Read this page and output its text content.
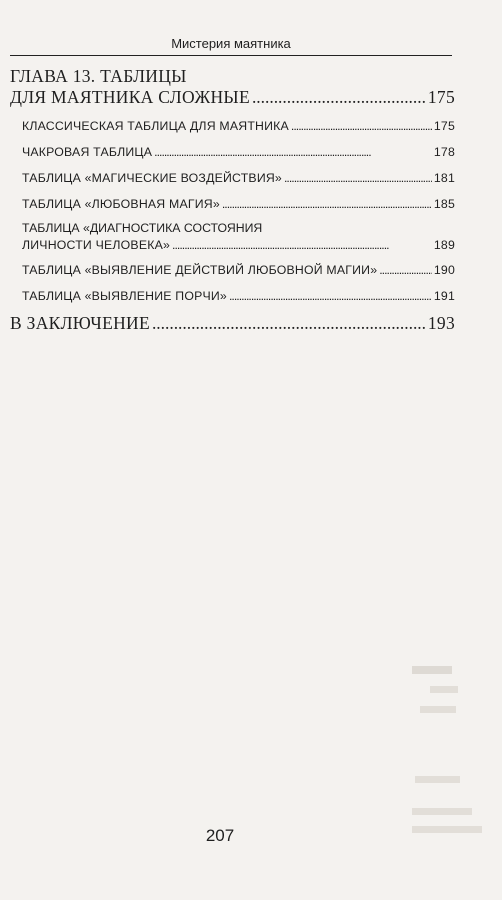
Мистерия маятника
ГЛАВА 13. ТАБЛИЦЫ
ДЛЯ МАЯТНИКА СЛОЖНЫЕ . . .	175
КЛАССИЧЕСКАЯ ТАБЛИЦА ДЛЯ МАЯТНИКА . . .	175
ЧАКРОВАЯ ТАБЛИЦА . . .	178
ТАБЛИЦА «МАГИЧЕСКИЕ ВОЗДЕЙСТВИЯ» . . .	181
ТАБЛИЦА «ЛЮБОВНАЯ МАГИЯ» . . .	185
ТАБЛИЦА «ДИАГНОСТИКА СОСТОЯНИЯ
ЛИЧНОСТИ ЧЕЛОВЕКА» . . .	189
ТАБЛИЦА «ВЫЯВЛЕНИЕ ДЕЙСТВИЙ ЛЮБОВНОЙ МАГИИ» . . .	190
ТАБЛИЦА «ВЫЯВЛЕНИЕ ПОРЧИ» . . .	191
В ЗАКЛЮЧЕНИЕ . . .	193
207
